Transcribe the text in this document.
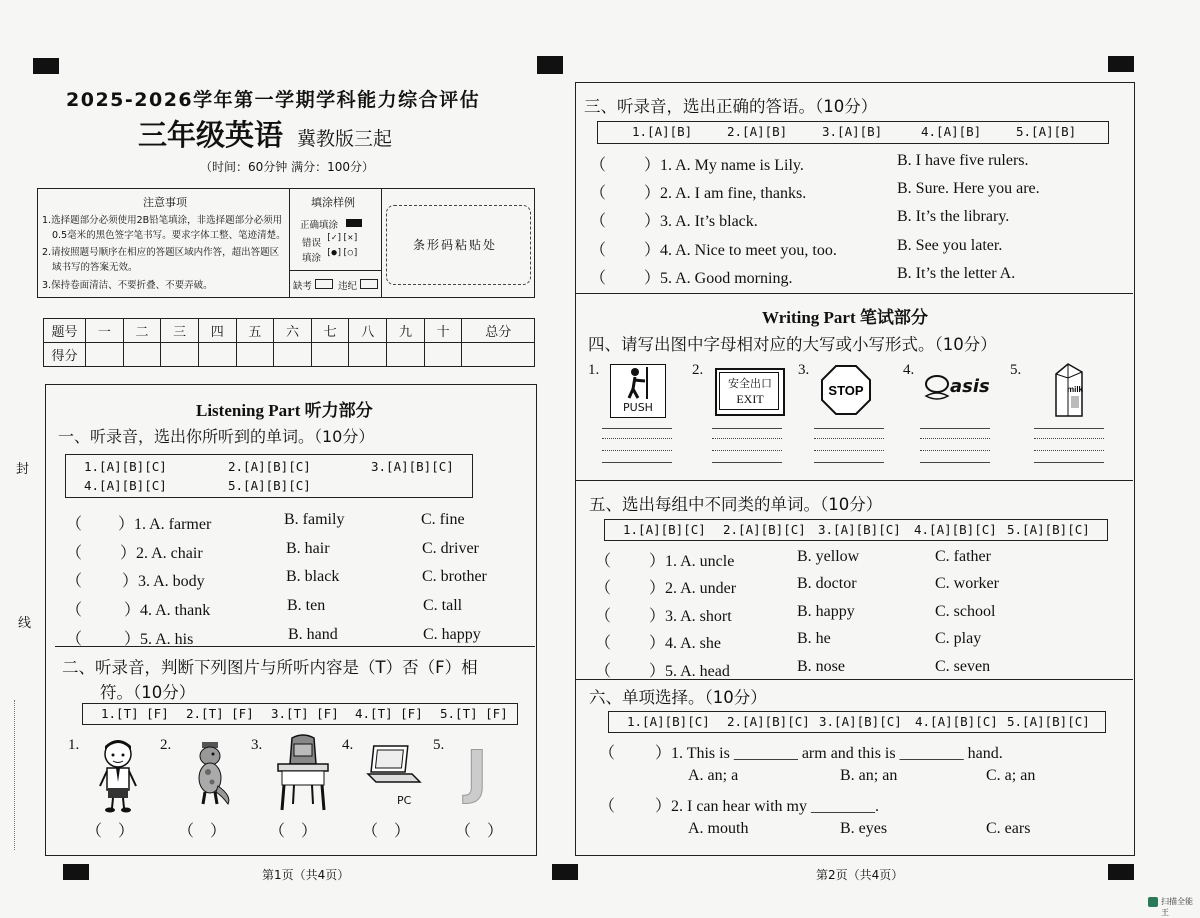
封
线
2025-2026学年第一学期学科能力综合评估
三年级英语 冀教版三起
（时间：60分钟 满分：100分）
注意事项
1.选择题部分必须使用2B铅笔填涂，非选择题部分必须用
0.5毫米的黑色签字笔书写。要求字体工整、笔迹清楚。
2.请按照题号顺序在相应的答题区域内作答，超出答题区
域书写的答案无效。
3.保持卷面清洁、不要折叠、不要弄破。
填涂样例
正确填涂
错误
填涂
[✓][✕]
[●][○]
缺考	违纪
条形码粘贴处
题号	一	二	三	四	五	六	七	八	九	十	总分
得分											
Listening Part 听力部分
一、听录音，选出你所听到的单词。（10分）
1.[A][B][C]	2.[A][B][C]	3.[A][B][C]
4.[A][B][C]	5.[A][B][C]
（ ）1. A. farmer	B. family	C. fine
（ ）2. A. chair	B. hair	C. driver
（ ）3. A. body	B. black	C. brother
（	）4. A. thank	B. ten	C. tall
（	）5. A. his	B. hand	C. happy
二、听录音，判断下列图片与所听内容是（T）否（F）相
符。（10分）
1.[T] [F] 2.[T] [F] 3.[T] [F] 4.[T] [F] 5.[T] [F]
1.	2.	3.	4.	5.
PC J
（    ）	（    ）	（    ）	（    ）	（    ）
第1页（共4页）
三、听录音，选出正确的答语。（10分）
1.[A][B]	2.[A][B]	3.[A][B]	4.[A][B]	5.[A][B]
（ ）1. A. My name is Lily.	B. I have five rulers.
（ ）2. A. I am fine, thanks.	B. Sure. Here you are.
（ ）3. A. It’s black.	B. It’s the library.
（ ）4. A. Nice to meet you, too.	B. See you later.
（ ）5. A. Good morning.	B. It’s the letter A.
Writing Part 笔试部分
四、请写出图中字母相对应的大写或小写形式。（10分）
1.	2.	3.	4.	5.
PUSH
安全出口
EXIT
STOP	asis	milk
五、选出每组中不同类的单词。（10分）
1.[A][B][C] 2.[A][B][C] 3.[A][B][C] 4.[A][B][C] 5.[A][B][C]
（ ）1. A. uncle	B. yellow	C. father
（ ）2. A. under	B. doctor	C. worker
（ ）3. A. short	B. happy	C. school
（ ）4. A. she	B. he	C. play
（ ）5. A. head	B. nose	C. seven
六、单项选择。（10分）
1.[A][B][C] 2.[A][B][C] 3.[A][B][C] 4.[A][B][C] 5.[A][B][C]
（ ）1. This is ________ arm and this is ________ hand.
A. an; a	B. an; an	C. a; an
（ ）2. I can hear with my ________.
A. mouth	B. eyes	C. ears
第2页（共4页）
扫描全能王
